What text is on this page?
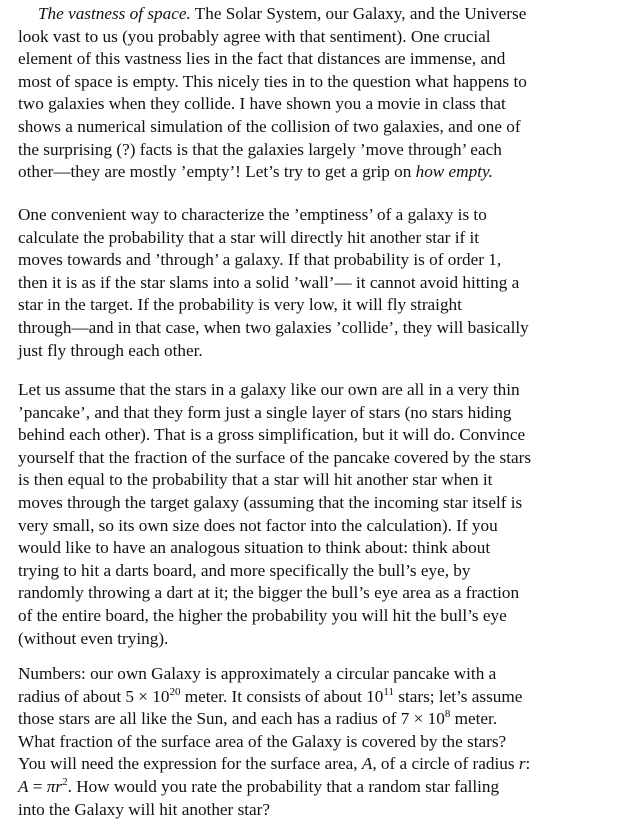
The vastness of space. The Solar System, our Galaxy, and the Universe
look vast to us (you probably agree with that sentiment). One crucial
element of this vastness lies in the fact that distances are immense, and
most of space is empty. This nicely ties in to the question what happens to
two galaxies when they collide. I have shown you a movie in class that
shows a numerical simulation of the collision of two galaxies, and one of
the surprising (?) facts is that the galaxies largely ’move through’ each
other—they are mostly ’empty’! Let’s try to get a grip on how empty.
One convenient way to characterize the ’emptiness’ of a galaxy is to
calculate the probability that a star will directly hit another star if it
moves towards and ’through’ a galaxy. If that probability is of order 1,
then it is as if the star slams into a solid ’wall’— it cannot avoid hitting a
star in the target. If the probability is very low, it will fly straight
through—and in that case, when two galaxies ’collide’, they will basically
just fly through each other.
Let us assume that the stars in a galaxy like our own are all in a very thin
’pancake’, and that they form just a single layer of stars (no stars hiding
behind each other). That is a gross simplification, but it will do. Convince
yourself that the fraction of the surface of the pancake covered by the stars
is then equal to the probability that a star will hit another star when it
moves through the target galaxy (assuming that the incoming star itself is
very small, so its own size does not factor into the calculation). If you
would like to have an analogous situation to think about: think about
trying to hit a darts board, and more specifically the bull’s eye, by
randomly throwing a dart at it; the bigger the bull’s eye area as a fraction
of the entire board, the higher the probability you will hit the bull’s eye
(without even trying).
Numbers: our own Galaxy is approximately a circular pancake with a
radius of about $5 \times 10^{20}$ meter. It consists of about $10^{11}$ stars; let’s assume
those stars are all like the Sun, and each has a radius of $7 \times 10^8$ meter.
What fraction of the surface area of the Galaxy is covered by the stars?
You will need the expression for the surface area, A, of a circle of radius r:
$A = \pi r^2$. How would you rate the probability that a random star falling
into the Galaxy will hit another star?
